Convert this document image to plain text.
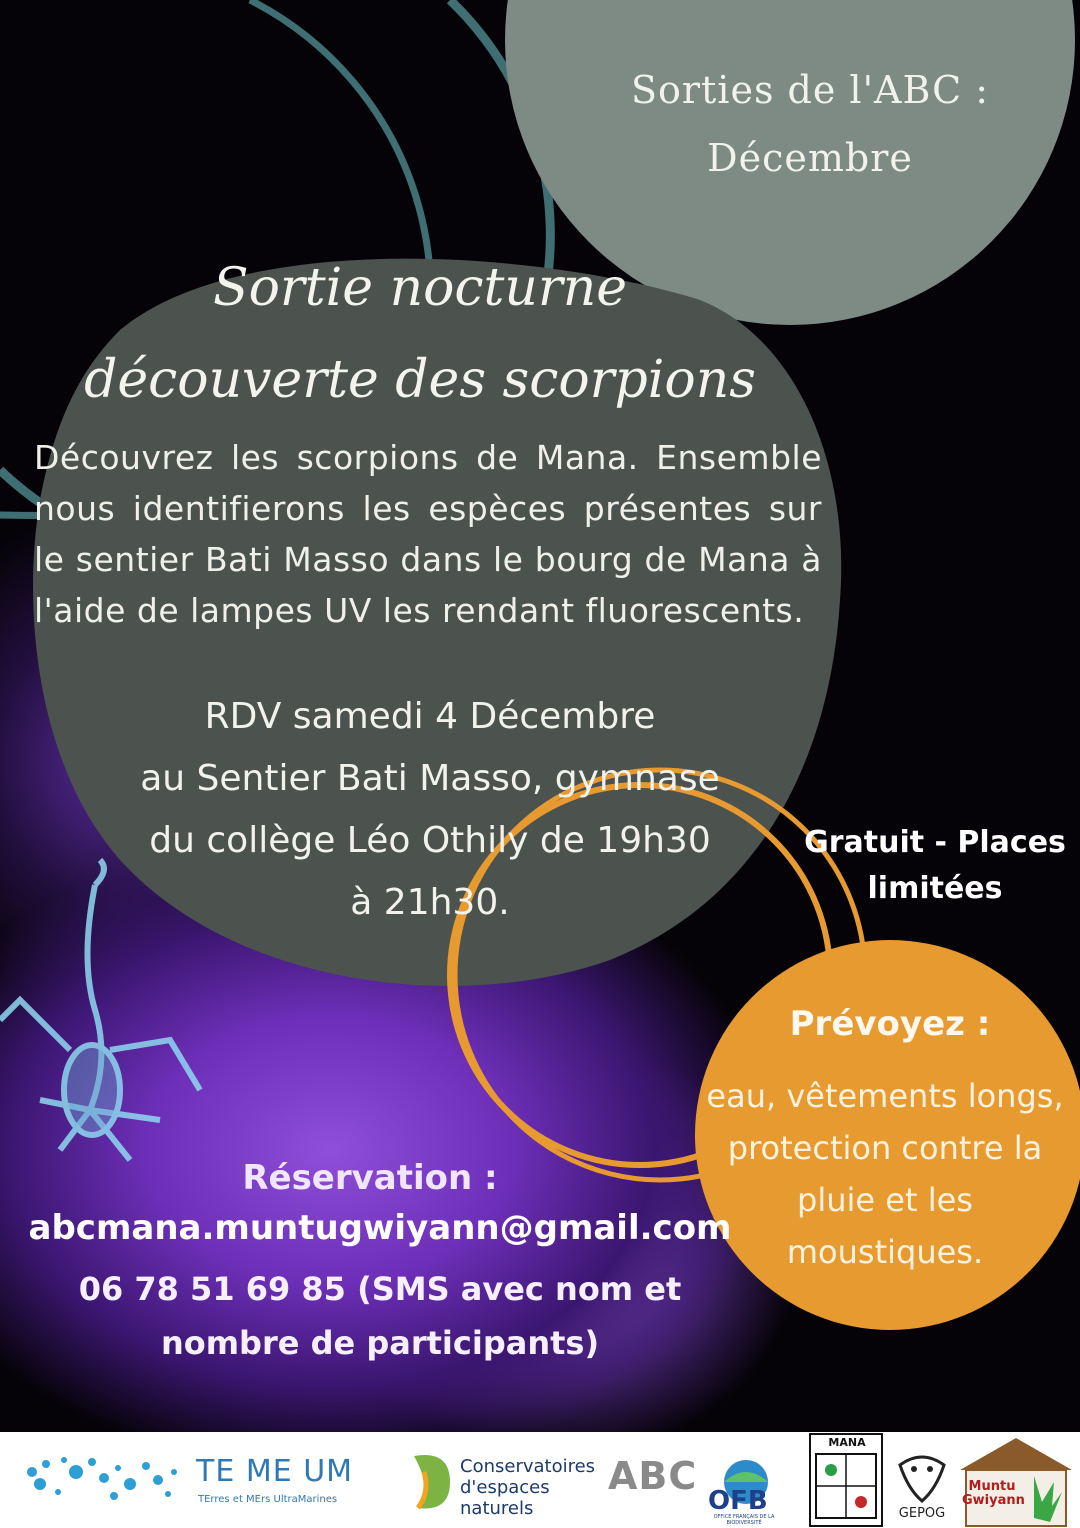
Sorties de l'ABC :
Décembre
Sortie nocturne
découverte des scorpions
Découvrez les scorpions de Mana. Ensemble nous identifierons les espèces présentes sur le sentier Bati Masso dans le bourg de Mana à l'aide de lampes UV les rendant fluorescents.
RDV samedi 4 Décembre
au Sentier Bati Masso, gymnase
du collège Léo Othily de 19h30
à 21h30.
Gratuit - Places
limitées
Prévoyez :
eau, vêtements longs,
protection contre la
pluie et les
moustiques.
Réservation :
abcmana.muntugwiyann@gmail.com
06 78 51 69 85 (SMS avec nom et
nombre de participants)
TE ME UM
TErres et MErs UltraMarines
Conservatoires d'espaces naturels
ABC
OFB
OFFICE FRANÇAIS DE LA BIODIVERSITÉ
MANA
GEPOG
Muntu
Gwiyann
